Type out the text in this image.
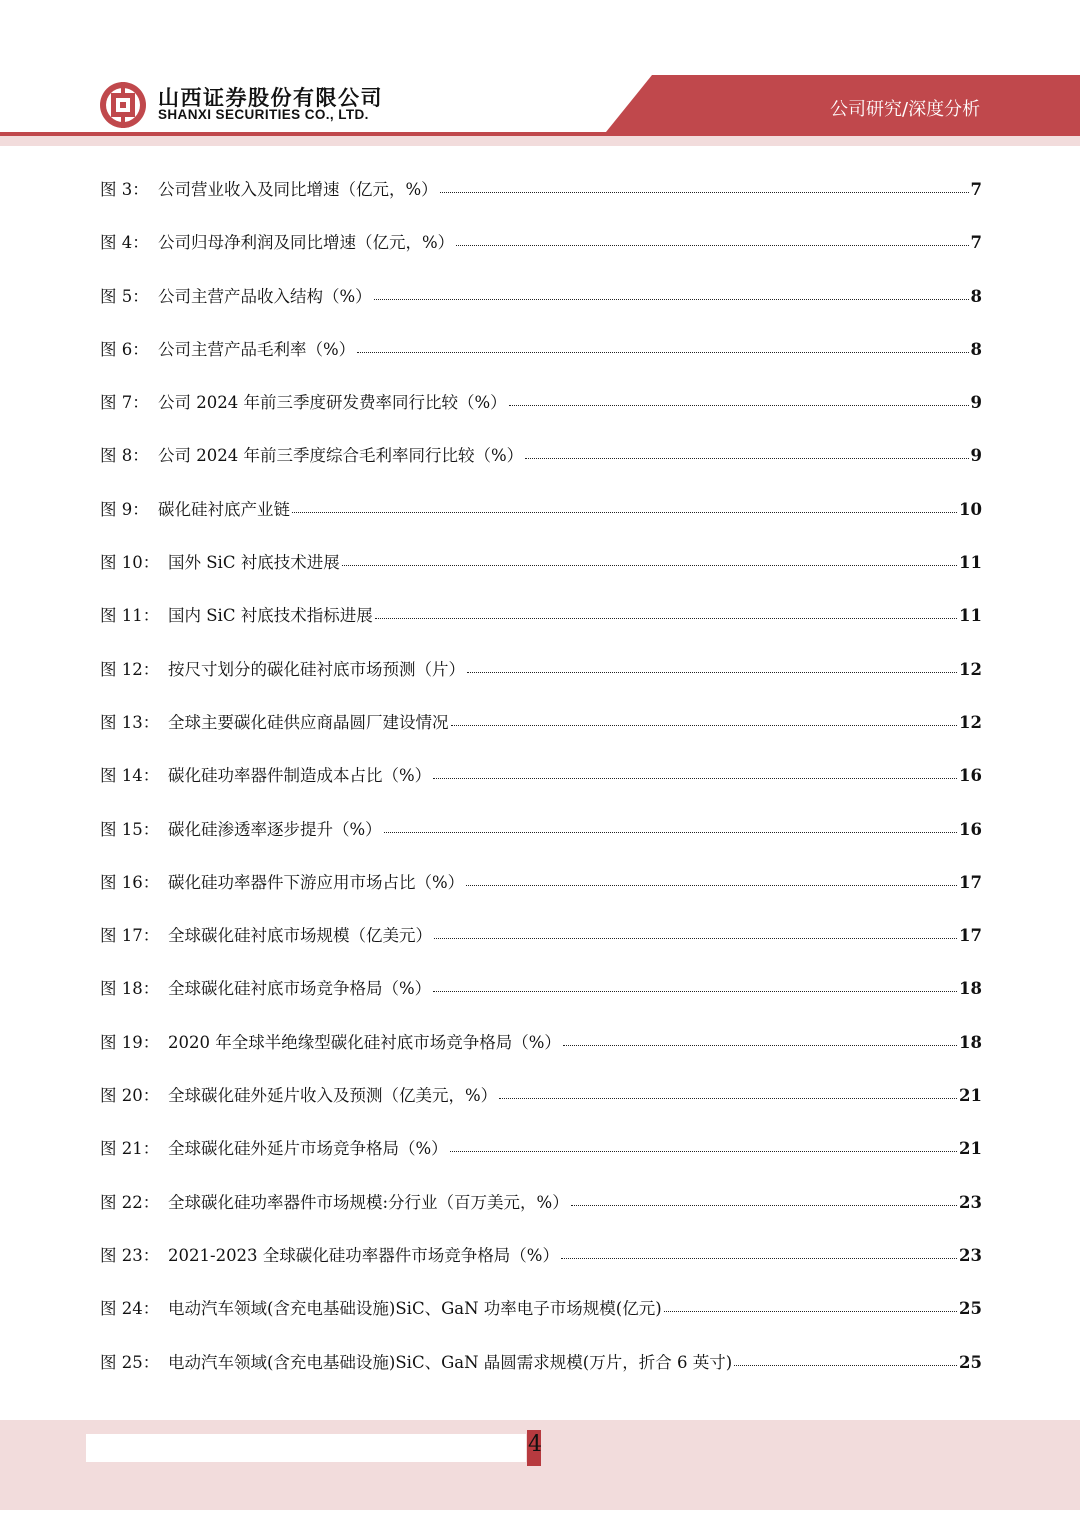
山西证券股份有限公司
SHANXI SECURITIES CO., LTD.	公司研究/深度分析
图 3： 公司营业收入及同比增速（亿元，%）	7
图 4： 公司归母净利润及同比增速（亿元，%）	7
图 5： 公司主营产品收入结构（%）	8
图 6： 公司主营产品毛利率（%）	8
图 7： 公司 2024 年前三季度研发费率同行比较（%）	9
图 8： 公司 2024 年前三季度综合毛利率同行比较（%）	9
图 9： 碳化硅衬底产业链	10
图 10： 国外 SiC 衬底技术进展	11
图 11： 国内 SiC 衬底技术指标进展	11
图 12： 按尺寸划分的碳化硅衬底市场预测（片）	12
图 13： 全球主要碳化硅供应商晶圆厂建设情况	12
图 14： 碳化硅功率器件制造成本占比（%）	16
图 15： 碳化硅渗透率逐步提升（%）	16
图 16： 碳化硅功率器件下游应用市场占比（%）	17
图 17： 全球碳化硅衬底市场规模（亿美元）	17
图 18： 全球碳化硅衬底市场竞争格局（%）	18
图 19： 2020 年全球半绝缘型碳化硅衬底市场竞争格局（%）	18
图 20： 全球碳化硅外延片收入及预测（亿美元，%）	21
图 21： 全球碳化硅外延片市场竞争格局（%）	21
图 22： 全球碳化硅功率器件市场规模:分行业（百万美元，%）	23
图 23： 2021-2023 全球碳化硅功率器件市场竞争格局（%）	23
图 24： 电动汽车领域(含充电基础设施)SiC、GaN 功率电子市场规模(亿元)	25
图 25： 电动汽车领域(含充电基础设施)SiC、GaN 晶圆需求规模(万片，折合 6 英寸)	25
4
